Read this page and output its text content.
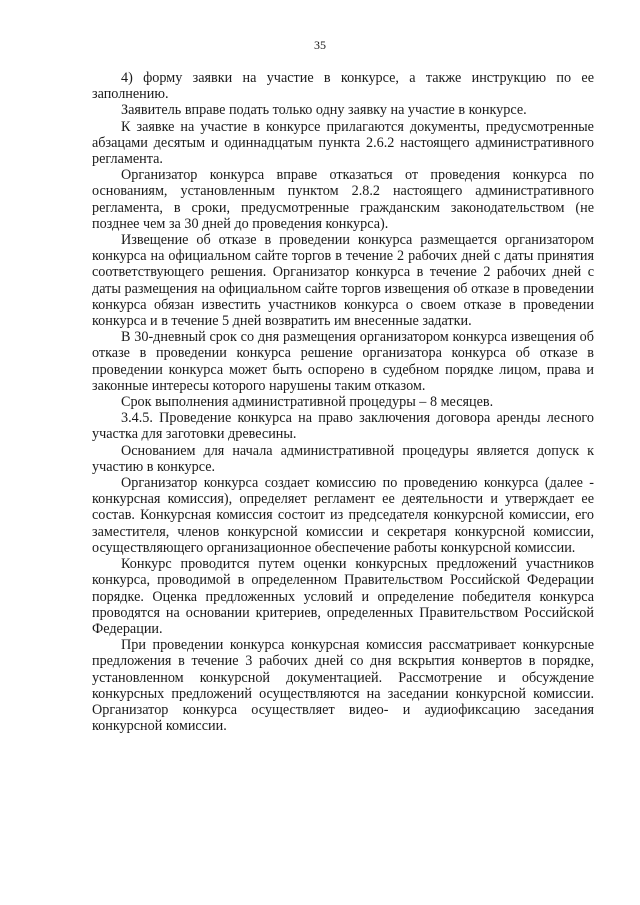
35

4) форму заявки на участие в конкурсе, а также инструкцию по ее заполнению.

Заявитель вправе подать только одну заявку на участие в конкурсе.

К заявке на участие в конкурсе прилагаются документы, предусмотренные абзацами десятым и одиннадцатым пункта 2.6.2 настоящего административного регламента.

Организатор конкурса вправе отказаться от проведения конкурса по основаниям, установленным пунктом 2.8.2 настоящего административного регламента, в сроки, предусмотренные гражданским законодательством (не позднее чем за 30 дней до проведения конкурса).

Извещение об отказе в проведении конкурса размещается организатором конкурса на официальном сайте торгов в течение 2 рабочих дней с даты принятия соответствующего решения. Организатор конкурса в течение 2 рабочих дней с даты размещения на официальном сайте торгов извещения об отказе в проведении конкурса обязан известить участников конкурса о своем отказе в проведении конкурса и в течение 5 дней возвратить им внесенные задатки.

В 30-дневный срок со дня размещения организатором конкурса извещения об отказе в проведении конкурса решение организатора конкурса об отказе в проведении конкурса может быть оспорено в судебном порядке лицом, права и законные интересы которого нарушены таким отказом.

Срок выполнения административной процедуры – 8 месяцев.

3.4.5. Проведение конкурса на право заключения договора аренды лесного участка для заготовки древесины.

Основанием для начала административной процедуры является допуск к участию в конкурсе.

Организатор конкурса создает комиссию по проведению конкурса (далее - конкурсная комиссия), определяет регламент ее деятельности и утверждает ее состав. Конкурсная комиссия состоит из председателя конкурсной комиссии, его заместителя, членов конкурсной комиссии и секретаря конкурсной комиссии, осуществляющего организационное обеспечение работы конкурсной комиссии.

Конкурс проводится путем оценки конкурсных предложений участников конкурса, проводимой в определенном Правительством Российской Федерации порядке. Оценка предложенных условий и определение победителя конкурса проводятся на основании критериев, определенных Правительством Российской Федерации.

При проведении конкурса конкурсная комиссия рассматривает конкурсные предложения в течение 3 рабочих дней со дня вскрытия конвертов в порядке, установленном конкурсной документацией. Рассмотрение и обсуждение конкурсных предложений осуществляются на заседании конкурсной комиссии. Организатор конкурса осуществляет видео- и аудиофиксацию заседания конкурсной комиссии.
